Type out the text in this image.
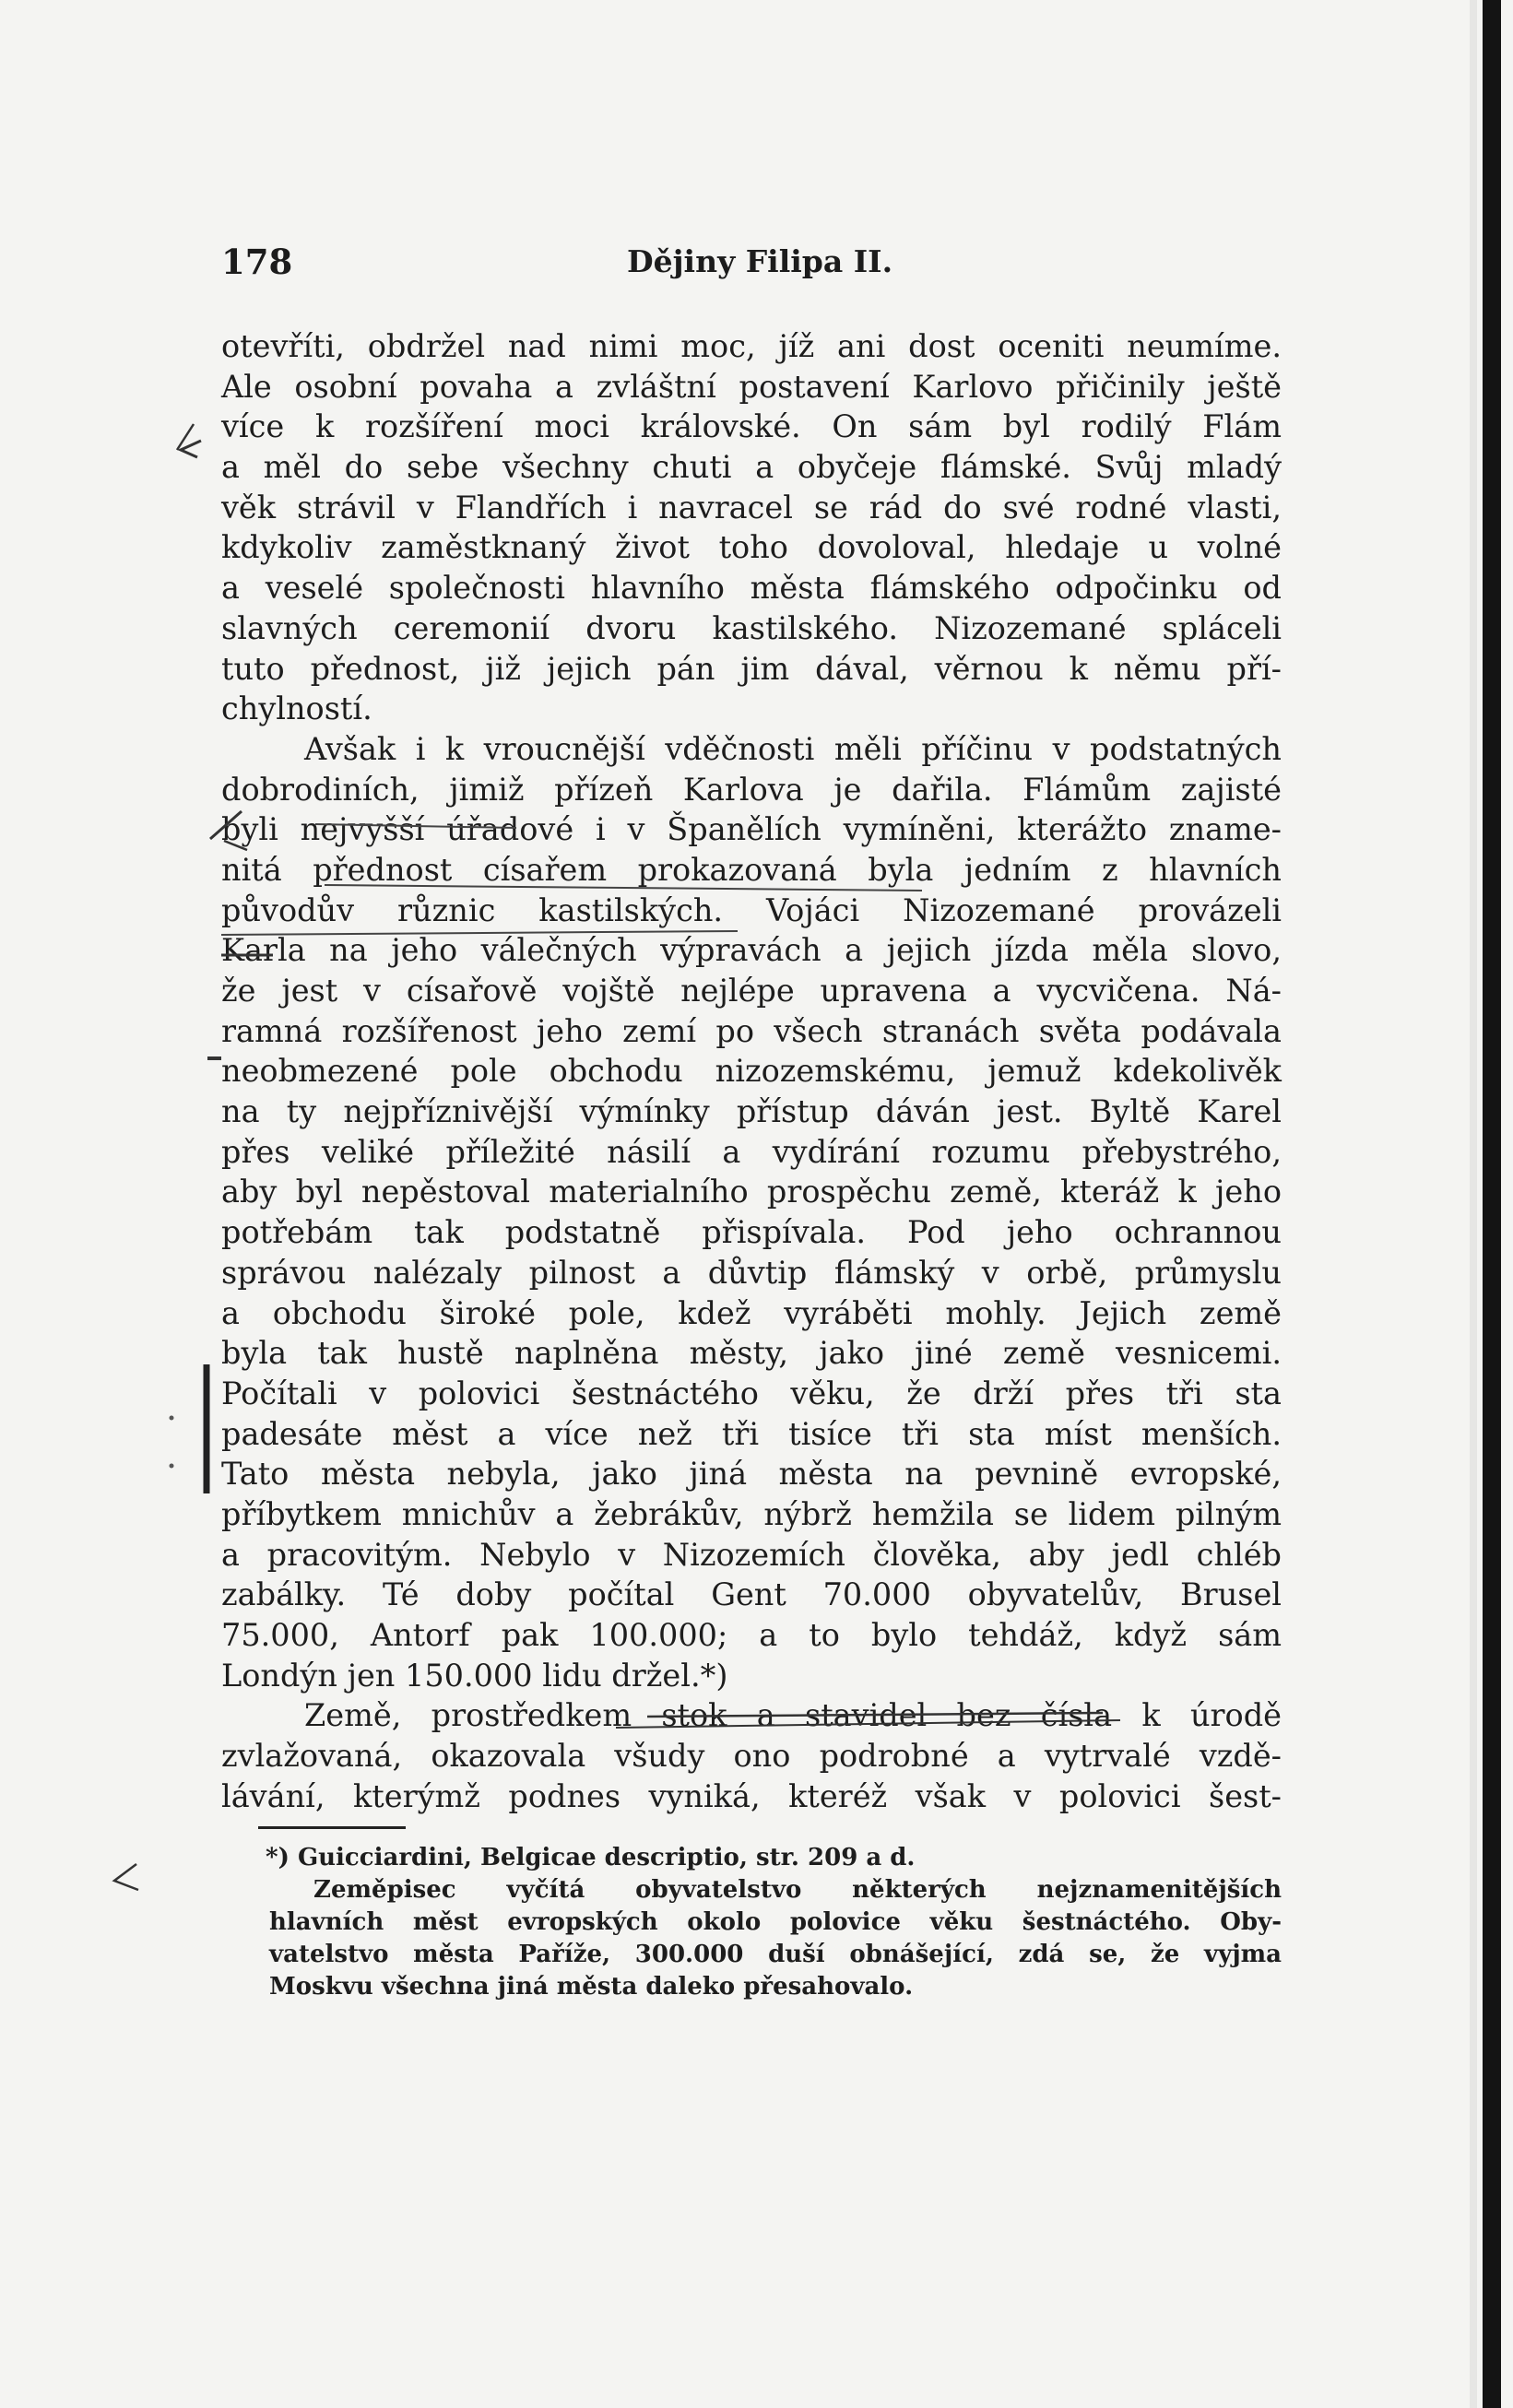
178	Dějiny Filipa II.
otevříti, obdržel nad nimi moc, jíž ani dost oceniti neumíme.
Ale osobní povaha a zvláštní postavení Karlovo přičinily ještě
více k rozšíření moci královské. On sám byl rodilý Flám
a měl do sebe všechny chuti a obyčeje flámské. Svůj mladý
věk strávil v Flandřích i navracel se rád do své rodné vlasti,
kdykoliv zaměstknaný život toho dovoloval, hledaje u volné
a veselé společnosti hlavního města flámského odpočinku od
slavných ceremonií dvoru kastilského. Nizozemané spláceli
tuto přednost, již jejich pán jim dával, věrnou k němu pří-
chylností.
Avšak i k vroucnější vděčnosti měli příčinu v podstatných
dobrodiních, jimiž přízeň Karlova je dařila. Flámům zajisté
byli nejvyšší úřadové i v Španělích vymíněni, kterážto zname-
nitá přednost císařem prokazovaná byla jedním z hlavních
původův různic kastilských. Vojáci Nizozemané provázeli
Karla na jeho válečných výpravách a jejich jízda měla slovo,
že jest v císařově vojště nejlépe upravena a vycvičena. Ná-
ramná rozšířenost jeho zemí po všech stranách světa podávala
neobmezené pole obchodu nizozemskému, jemuž kdekolivěk
na ty nejpříznivější výmínky přístup dáván jest. Byltě Karel
přes veliké příležité násilí a vydírání rozumu přebystrého,
aby byl nepěstoval materialního prospěchu země, kteráž k jeho
potřebám tak podstatně přispívala. Pod jeho ochrannou
správou nalézaly pilnost a důvtip flámský v orbě, průmyslu
a obchodu široké pole, kdež vyráběti mohly. Jejich země
byla tak hustě naplněna městy, jako jiné země vesnicemi.
Počítali v polovici šestnáctého věku, že drží přes tři sta
padesáte měst a více než tři tisíce tři sta míst menších.
Tato města nebyla, jako jiná města na pevnině evropské,
příbytkem mnichův a žebrákův, nýbrž hemžila se lidem pilným
a pracovitým. Nebylo v Nizozemích člověka, aby jedl chléb
zabálky. Té doby počítal Gent 70.000 obyvatelův, Brusel
75.000, Antorf pak 100.000; a to bylo tehdáž, když sám
Londýn jen 150.000 lidu držel.*)
Země, prostředkem stok a stavidel bez čísla k úrodě
zvlažovaná, okazovala všudy ono podrobné a vytrvalé vzdě-
lávání, kterýmž podnes vyniká, kteréž však v polovici šest-
*) Guicciardini, Belgicae descriptio, str. 209 a d.
Zeměpisec vyčítá obyvatelstvo některých nejznamenitějších
hlavních měst evropských okolo polovice věku šestnáctého. Oby-
vatelstvo města Paříže, 300.000 duší obnášející, zdá se, že vyjma
Moskvu všechna jiná města daleko přesahovalo.
